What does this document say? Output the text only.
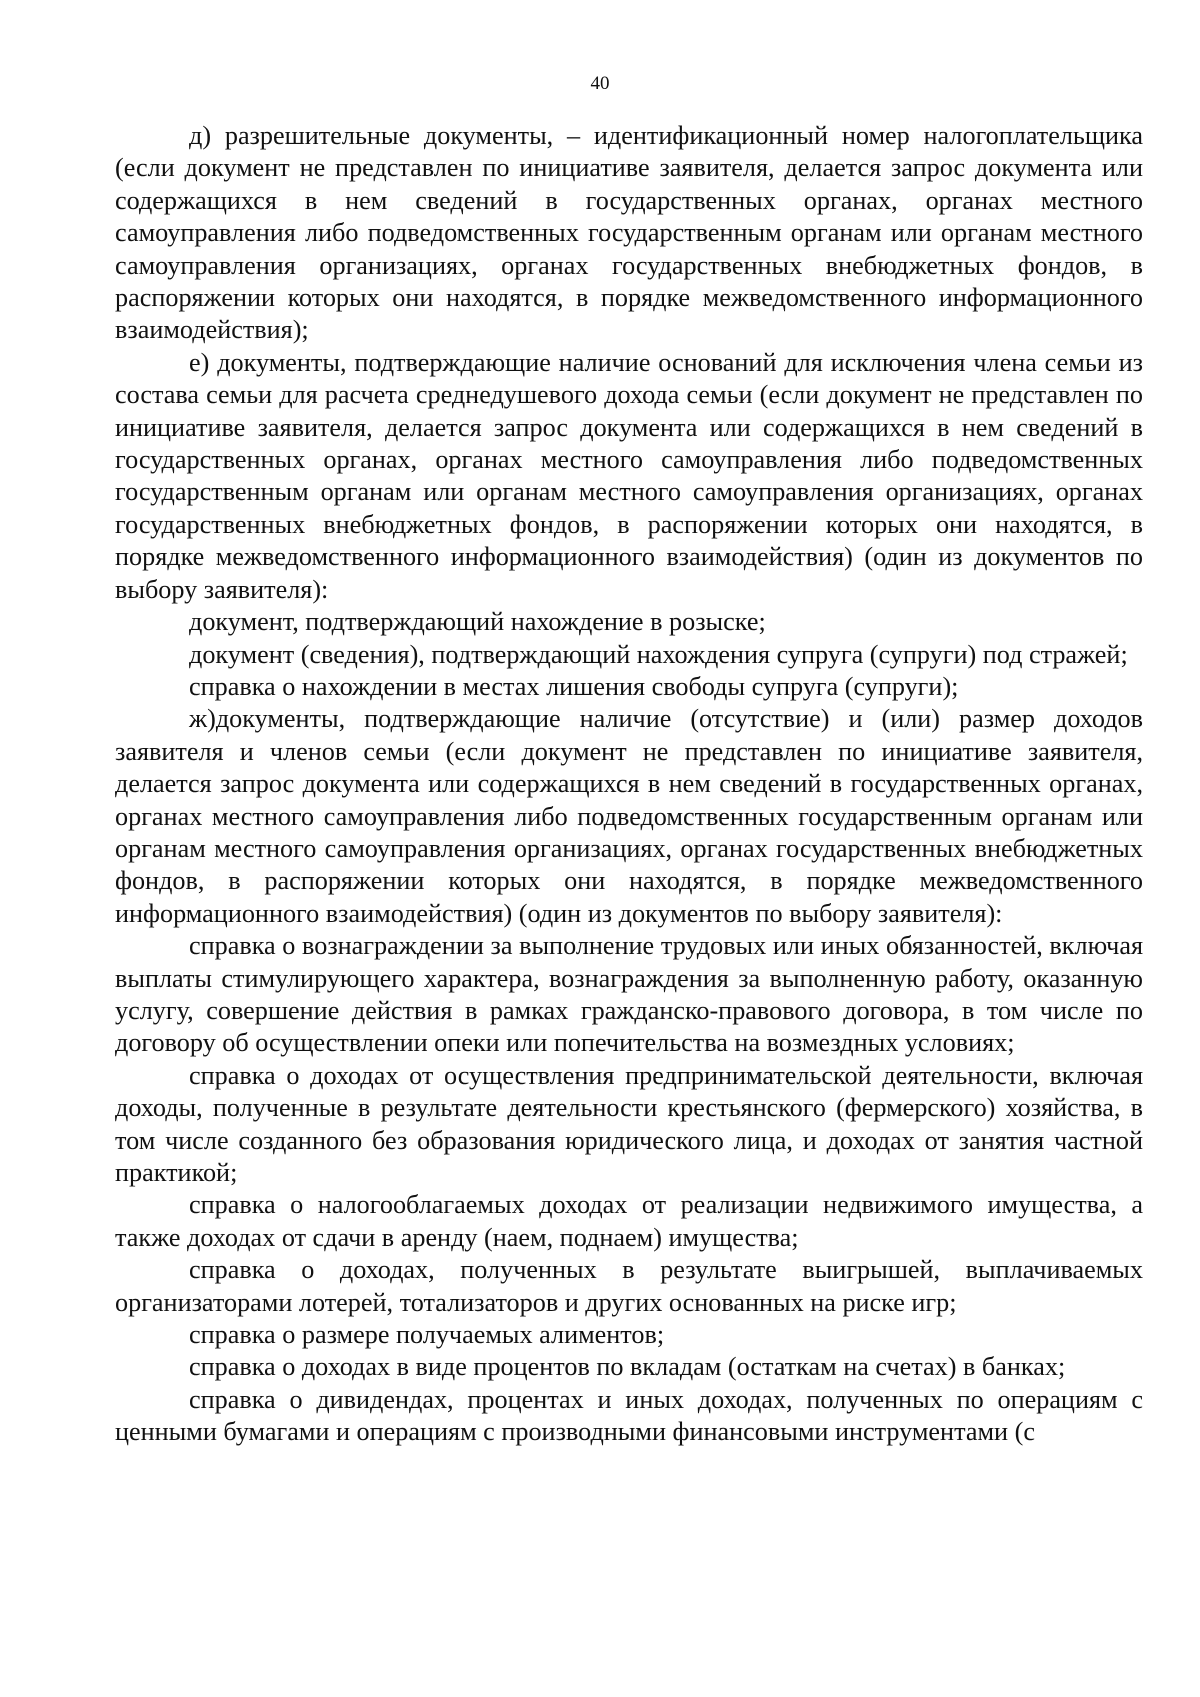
40

д) разрешительные документы, – идентификационный номер налогоплательщика (если документ не представлен по инициативе заявителя, делается запрос документа или содержащихся в нем сведений в государственных органах, органах местного самоуправления либо подведомственных государственным органам или органам местного самоуправления организациях, органах государственных внебюджетных фондов, в распоряжении которых они находятся, в порядке межведомственного информационного взаимодействия);

е) документы, подтверждающие наличие оснований для исключения члена семьи из состава семьи для расчета среднедушевого дохода семьи (если документ не представлен по инициативе заявителя, делается запрос документа или содержащихся в нем сведений в государственных органах, органах местного самоуправления либо подведомственных государственным органам или органам местного самоуправления организациях, органах государственных внебюджетных фондов, в распоряжении которых они находятся, в порядке межведомственного информационного взаимодействия) (один из документов по выбору заявителя):

документ, подтверждающий нахождение в розыске;

документ (сведения), подтверждающий нахождения супруга (супруги) под стражей;

справка о нахождении в местах лишения свободы супруга (супруги);

ж)документы, подтверждающие наличие (отсутствие) и (или) размер доходов заявителя и членов семьи (если документ не представлен по инициативе заявителя, делается запрос документа или содержащихся в нем сведений в государственных органах, органах местного самоуправления либо подведомственных государственным органам или органам местного самоуправления организациях, органах государственных внебюджетных фондов, в распоряжении которых они находятся, в порядке межведомственного информационного взаимодействия) (один из документов по выбору заявителя):

справка о вознаграждении за выполнение трудовых или иных обязанностей, включая выплаты стимулирующего характера, вознаграждения за выполненную работу, оказанную услугу, совершение действия в рамках гражданско-правового договора, в том числе по договору об осуществлении опеки или попечительства на возмездных условиях;

справка о доходах от осуществления предпринимательской деятельности, включая доходы, полученные в результате деятельности крестьянского (фермерского) хозяйства, в том числе созданного без образования юридического лица, и доходах от занятия частной практикой;

справка о налогооблагаемых доходах от реализации недвижимого имущества, а также доходах от сдачи в аренду (наем, поднаем) имущества;

справка о доходах, полученных в результате выигрышей, выплачиваемых организаторами лотерей, тотализаторов и других основанных на риске игр;

справка о размере получаемых алиментов;

справка о доходах в виде процентов по вкладам (остаткам на счетах) в банках;

справка о дивидендах, процентах и иных доходах, полученных по операциям с ценными бумагами и операциям с производными финансовыми инструментами (с
